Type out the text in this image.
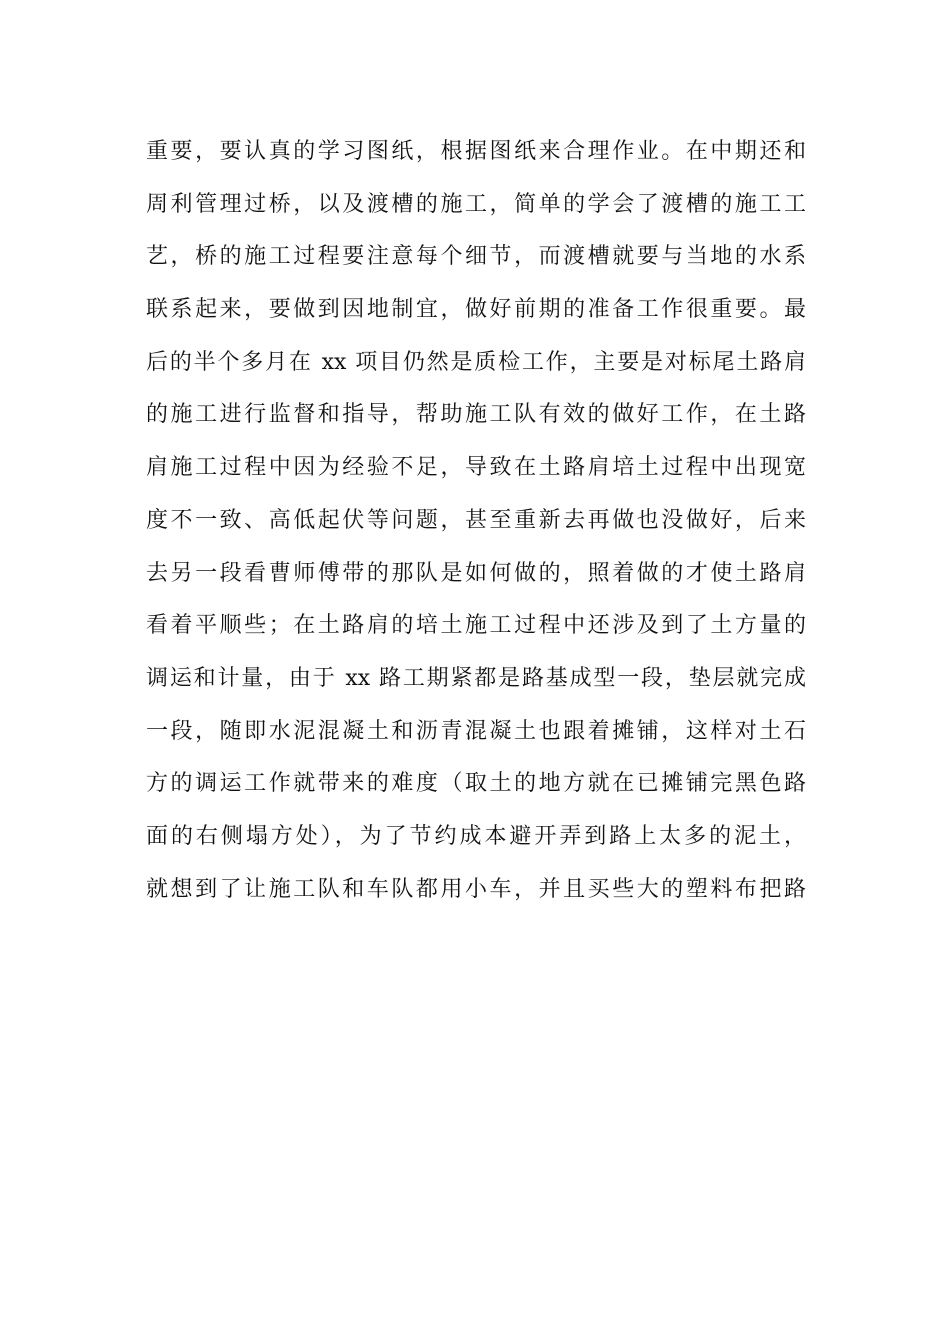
重要，要认真的学习图纸，根据图纸来合理作业。在中期还和
周利管理过桥，以及渡槽的施工，简单的学会了渡槽的施工工
艺，桥的施工过程要注意每个细节，而渡槽就要与当地的水系
联系起来，要做到因地制宜，做好前期的准备工作很重要。最
后的半个多月在 xx 项目仍然是质检工作，主要是对标尾土路肩
的施工进行监督和指导，帮助施工队有效的做好工作，在土路
肩施工过程中因为经验不足，导致在土路肩培土过程中出现宽
度不一致、高低起伏等问题，甚至重新去再做也没做好，后来
去另一段看曹师傅带的那队是如何做的，照着做的才使土路肩
看着平顺些；在土路肩的培土施工过程中还涉及到了土方量的
调运和计量，由于 xx 路工期紧都是路基成型一段，垫层就完成
一段，随即水泥混凝土和沥青混凝土也跟着摊铺，这样对土石
方的调运工作就带来的难度（取土的地方就在已摊铺完黑色路
面的右侧塌方处），为了节约成本避开弄到路上太多的泥土，
就想到了让施工队和车队都用小车，并且买些大的塑料布把路
